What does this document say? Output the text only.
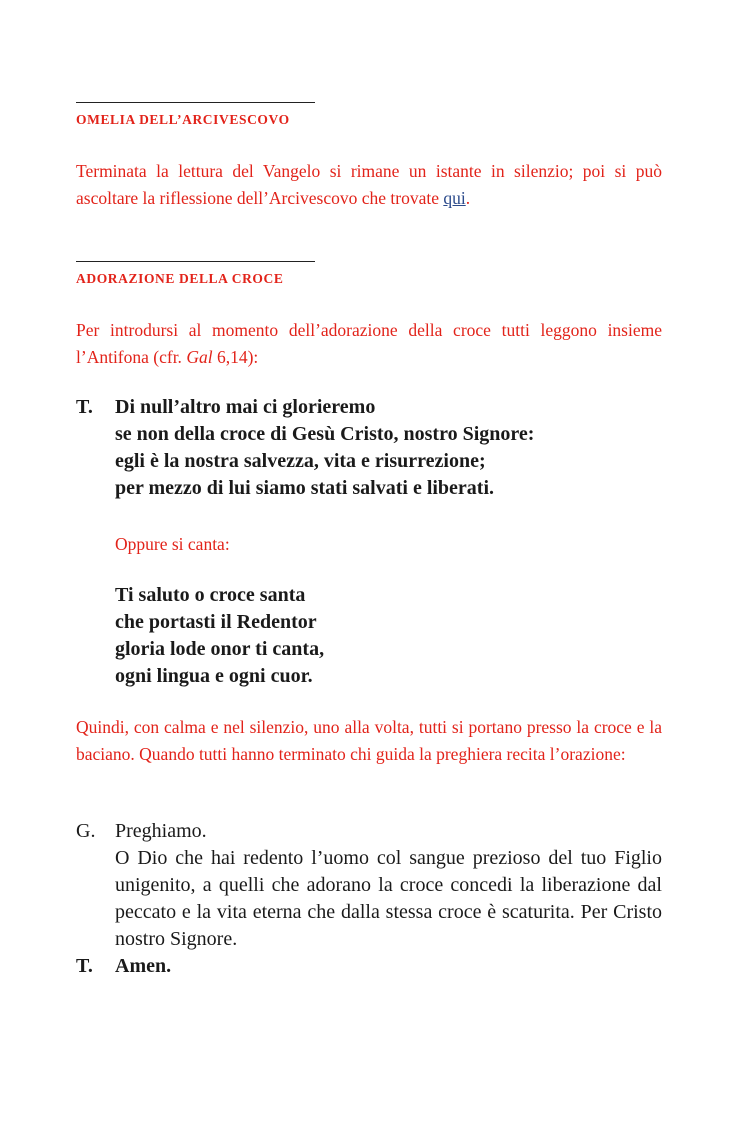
OMELIA DELL’ARCIVESCOVO
Terminata la lettura del Vangelo si rimane un istante in silenzio; poi si può ascoltare la riflessione dell’Arcivescovo che trovate qui.
ADORAZIONE DELLA CROCE
Per introdursi al momento dell’adorazione della croce tutti leggono insieme l’Antifona (cfr. Gal 6,14):
T. Di null’altro mai ci glorieremo
se non della croce di Gesù Cristo, nostro Signore:
egli è la nostra salvezza, vita e risurrezione;
per mezzo di lui siamo stati salvati e liberati.
Oppure si canta:
Ti saluto o croce santa
che portasti il Redentor
gloria lode onor ti canta,
ogni lingua e ogni cuor.
Quindi, con calma e nel silenzio, uno alla volta, tutti si portano presso la croce e la baciano. Quando tutti hanno terminato chi guida la preghiera recita l’orazione:
G. Preghiamo.
O Dio che hai redento l’uomo col sangue prezioso del tuo Figlio unigenito, a quelli che adorano la croce concedi la liberazione dal peccato e la vita eterna che dalla stessa croce è scaturita. Per Cristo nostro Signore.
T. Amen.
